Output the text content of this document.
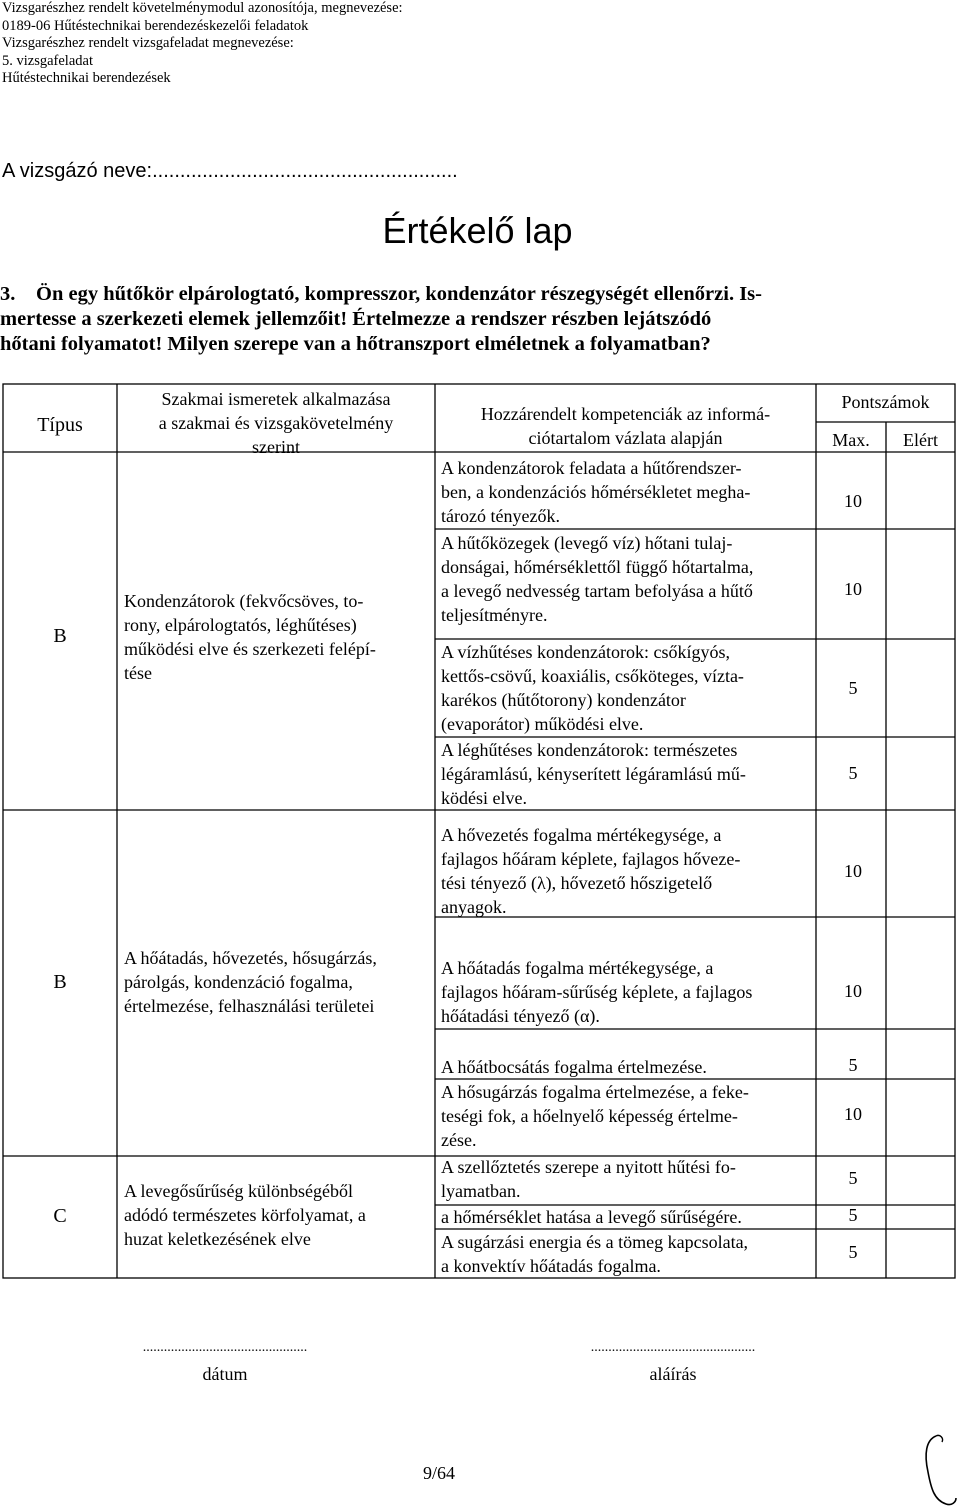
Vizsgarészhez rendelt követelménymodul azonosítója, megnevezése:
0189-06 Hűtéstechnikai berendezéskezelői feladatok
Vizsgarészhez rendelt vizsgafeladat megnevezése:
5. vizsgafeladat
Hűtéstechnikai berendezések
A vizsgázó neve:.......................................................
Értékelő lap
3. Ön egy hűtőkör elpárologtató, kompresszor, kondenzátor részegységét ellenőrzi. Is-
mertesse a szerkezeti elemek jellemzőit! Értelmezze a rendszer részben lejátszódó
hőtani folyamatot! Milyen szerepe van a hőtranszport elméletnek a folyamatban?
Típus
Szakmai ismeretek alkalmazása
a szakmai és vizsgakövetelmény
szerint
Hozzárendelt kompetenciák az informá-
ciótartalom vázlata alapján
Pontszámok
Max.	Elért
B
B
C
Kondenzátorok (fekvőcsöves, to-
rony, elpárologtatós, léghűtéses)
működési elve és szerkezeti felépí-
tése
A hőátadás, hővezetés, hősugárzás,
párolgás, kondenzáció fogalma,
értelmezése, felhasználási területei
A levegősűrűség különbségéből
adódó természetes körfolyamat, a
huzat keletkezésének elve
A kondenzátorok feladata a hűtőrendszer-
ben, a kondenzációs hőmérsékletet megha-
tározó tényezők.
A hűtőközegek (levegő víz) hőtani tulaj-
donságai, hőmérséklettől függő hőtartalma,
a levegő nedvesség tartam befolyása a hűtő
teljesítményre.
A vízhűtéses kondenzátorok: csőkígyós,
kettős-csövű, koaxiális, csőköteges, víztа-
karékos (hűtőtorony) kondenzátor
(evaporátor) működési elve.
A léghűtéses kondenzátorok: természetes
légáramlású, kényserített légáramlású mű-
ködési elve.
A hővezetés fogalma mértékegysége, a
fajlagos hőáram képlete, fajlagos hőveze-
tési tényező (λ), hővezető hőszigetelő
anyagok.
A hőátadás fogalma mértékegysége, a
fajlagos hőáram-sűrűség képlete, a fajlagos
hőátadási tényező (α).
A hőátbocsátás fogalma értelmezése.
A hősugárzás fogalma értelmezése, a feke-
teségi fok, a hőelnyelő képesség értelme-
zése.
A szellőztetés szerepe a nyitott hűtési fo-
lyamatban.
a hőmérséklet hatása a levegő sűrűségére.
A sugárzási energia és a tömeg kapcsolata,
a konvektív hőátadás fogalma.
10
10
5
5
10
10
5
10
5
5
5
...............................................
dátum
...............................................
aláírás
9/64
